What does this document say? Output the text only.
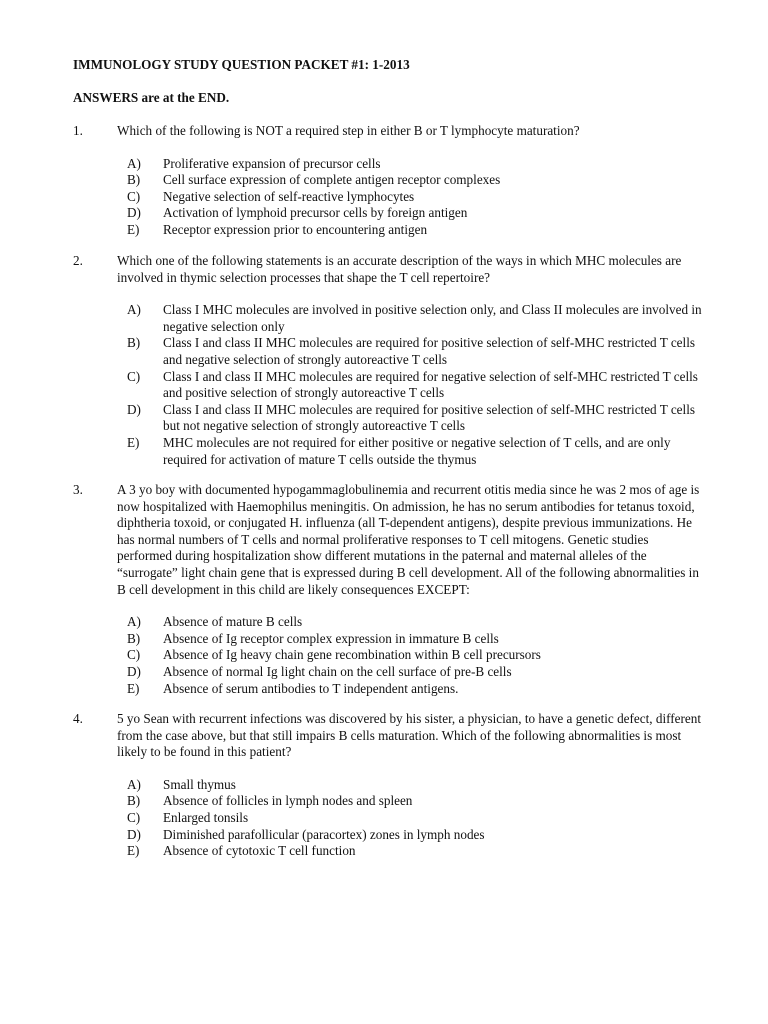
IMMUNOLOGY STUDY QUESTION PACKET #1: 1-2013
ANSWERS are at the END.
1.	Which of the following is NOT a required step in either B or T lymphocyte maturation?
A) Proliferative expansion of precursor cells
B) Cell surface expression of complete antigen receptor complexes
C) Negative selection of self-reactive lymphocytes
D) Activation of lymphoid precursor cells by foreign antigen
E) Receptor expression prior to encountering antigen
2.	Which one of the following statements is an accurate description of the ways in which MHC molecules are involved in thymic selection processes that shape the T cell repertoire?
A) Class I MHC molecules are involved in positive selection only, and Class II molecules are involved in negative selection only
B) Class I and class II MHC molecules are required for positive selection of self-MHC restricted T cells and negative selection of strongly autoreactive T cells
C) Class I and class II MHC molecules are required for negative selection of self-MHC restricted T cells and positive selection of strongly autoreactive T cells
D) Class I and class II MHC molecules are required for positive selection of self-MHC restricted T cells but not negative selection of strongly autoreactive T cells
E) MHC molecules are not required for either positive or negative selection of T cells, and are only required for activation of mature T cells outside the thymus
3.	A 3 yo boy with documented hypogammaglobulinemia and recurrent otitis media since he was 2 mos of age is now hospitalized with Haemophilus meningitis. On admission, he has no serum antibodies for tetanus toxoid, diphtheria toxoid, or conjugated H. influenza (all T-dependent antigens), despite previous immunizations. He has normal numbers of T cells and normal proliferative responses to T cell mitogens. Genetic studies performed during hospitalization show different mutations in the paternal and maternal alleles of the “surrogate” light chain gene that is expressed during B cell development. All of the following abnormalities in B cell development in this child are likely consequences EXCEPT:
A) Absence of mature B cells
B) Absence of Ig receptor complex expression in immature B cells
C) Absence of Ig heavy chain gene recombination within B cell precursors
D) Absence of normal Ig light chain on the cell surface of pre-B cells
E) Absence of serum antibodies to T independent antigens.
4.	5 yo Sean with recurrent infections was discovered by his sister, a physician, to have a genetic defect, different from the case above, but that still impairs B cells maturation. Which of the following abnormalities is most likely to be found in this patient?
A) Small thymus
B) Absence of follicles in lymph nodes and spleen
C) Enlarged tonsils
D) Diminished parafollicular (paracortex) zones in lymph nodes
E) Absence of cytotoxic T cell function
